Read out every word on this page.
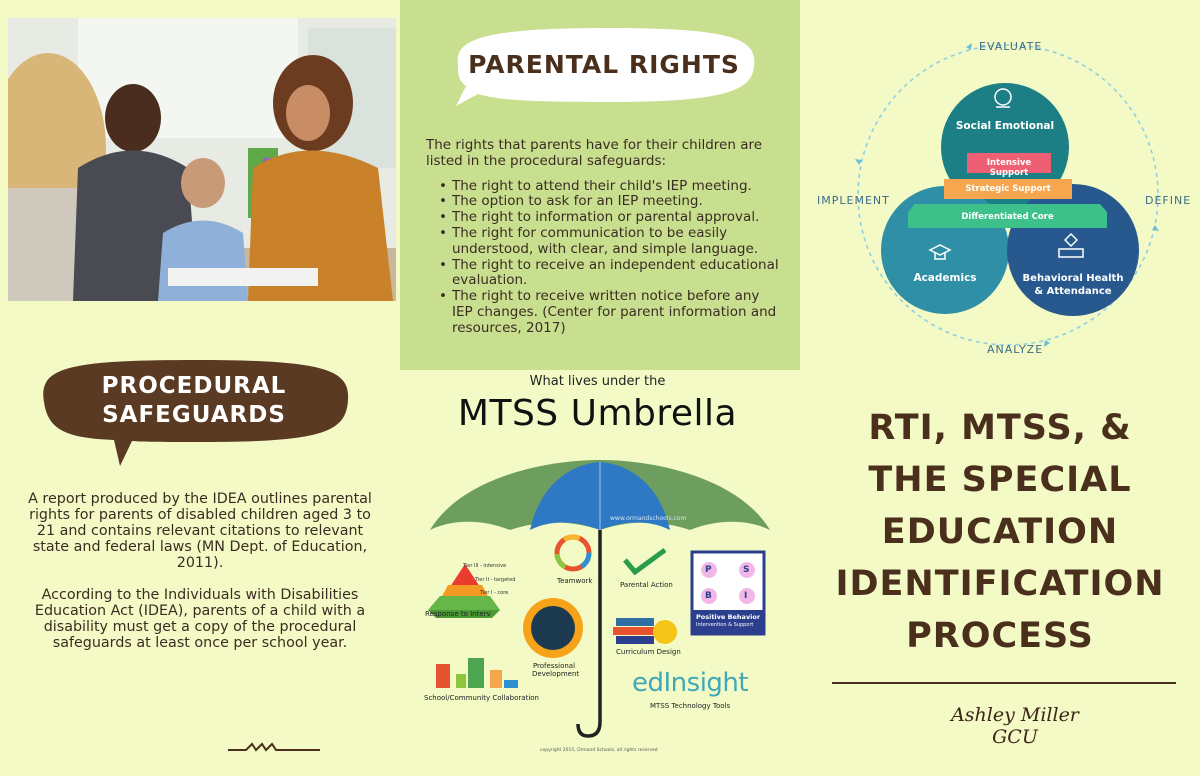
PARENTAL RIGHTS

The rights that parents have for their children are listed in the procedural safeguards:

• The right to attend their child's IEP meeting.
• The option to ask for an IEP meeting.
• The right to information or parental approval.
• The right for communication to be easily understood, with clear, and simple language.
• The right to receive an independent educational evaluation.
• The right to receive written notice before any IEP changes. (Center for parent information and resources, 2017)
EVALUATE
DEFINE
ANALYZE
IMPLEMENT
Social Emotional
Intensive Support
Strategic Support
Differentiated Core
Academics	Behavioral Health
& Attendance
PROCEDURAL
SAFEGUARDS

A report produced by the IDEA outlines parental rights for parents of disabled children aged 3 to 21 and contains relevant citations to relevant state and federal laws (MN Dept. of Education, 2011).

According to the Individuals with Disabilities Education Act (IDEA), parents of a child with a disability must get a copy of the procedural safeguards at least once per school year.

What lives under the
MTSS Umbrella
www.ormandschools.com
Tier III - intensive
Tier II - targeted
Tier I - core
Response to Interv
Teamwork	Parental Action
P	S
B	I
Positive Behavior
Intervention & Support
Professional
Development
Curriculum Design
School/Community Collaboration
MTSS Technology Tools
edInsight
copyright 2015, Ormand Schools, all rights reserved
RTI, MTSS, &
THE SPECIAL
EDUCATION
IDENTIFICATION
PROCESS
Ashley Miller
GCU
